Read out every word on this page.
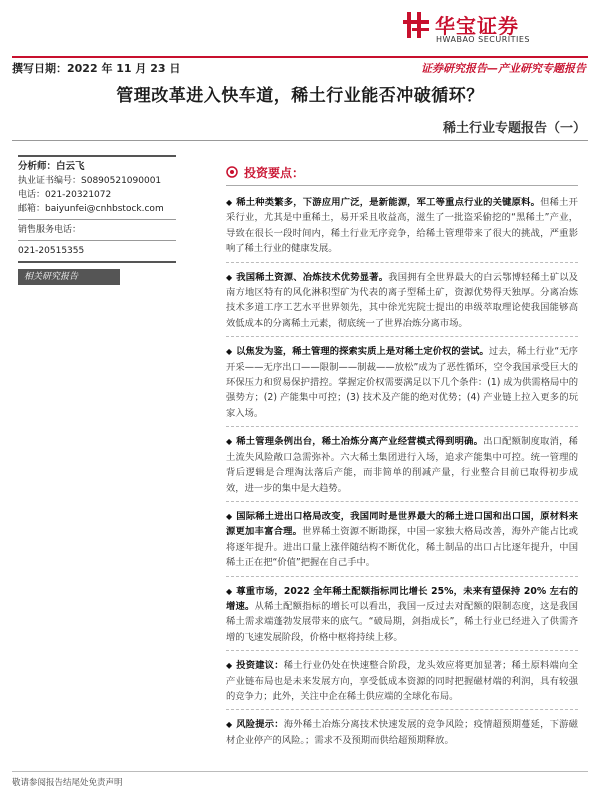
华宝证券
HWABAO SECURITIES
撰写日期：2022 年 11 月 23 日	证券研究报告—产业研究专题报告
管理改革进入快车道，稀土行业能否冲破循环？
稀土行业专题报告（一）
分析师：白云飞
执业证书编号：S0890521090001
电话：021-20321072
邮箱：baiyunfei@cnhbstock.com
销售服务电话：
021-20515355
相关研究报告
投资要点：

◆ 稀土种类繁多，下游应用广泛，是新能源，军工等重点行业的关键原料。但稀土开采行业，尤其是中重稀土，易开采且收益高，滋生了一批盗采偷挖的“黑稀土”产业，导致在很长一段时间内，稀土行业无序竞争，给稀土管理带来了很大的挑战，严重影响了稀土行业的健康发展。

◆ 我国稀土资源、冶炼技术优势显著。我国拥有全世界最大的白云鄂博轻稀土矿以及南方地区特有的风化淋积型矿为代表的离子型稀土矿，资源优势得天独厚。分离冶炼技术多道工序工艺水平世界领先，其中徐光宪院士提出的串级萃取理论使我国能够高效低成本的分离稀土元素，彻底统一了世界冶炼分离市场。

◆ 以焦发为鉴，稀土管理的探索实质上是对稀土定价权的尝试。过去，稀土行业“无序开采——无序出口——限制——制裁——放松”成为了恶性循环，空令我国承受巨大的环保压力和贸易保护措控。掌握定价权需要满足以下几个条件：(1) 成为供需格局中的强势方；(2) 产能集中可控；(3) 技术及产能的绝对优势；(4) 产业链上拉入更多的玩家入场。

◆ 稀土管理条例出台，稀土冶炼分离产业经营模式得到明确。出口配额制度取消，稀土流失风险敞口急需弥补。六大稀土集团进行入场，追求产能集中可控。统一管理的背后逻辑是合理淘汰落后产能，而非简单的削减产量，行业整合目前已取得初步成效，进一步的集中是大趋势。

◆ 国际稀土进出口格局改变，我国同时是世界最大的稀土进口国和出口国，原材料来源更加丰富合理。世界稀土资源不断勘探，中国一家独大格局改善，海外产能占比或将逐年提升。进出口量上涨伴随结构不断优化，稀土制品的出口占比逐年提升，中国稀土正在把“价值”把握在自己手中。

◆ 尊重市场，2022 全年稀土配额指标同比增长 25%，未来有望保持 20% 左右的增速。从稀土配额指标的增长可以看出，我国一反过去对配额的限制态度，这是我国稀土需求端蓬勃发展带来的底气。“破局期，剑指成长”，稀土行业已经进入了供需齐增的飞速发展阶段，价格中枢将持续上移。

◆ 投资建议：稀土行业仍处在快速整合阶段，龙头效应将更加显著；稀土原料端向全产业链布局也是未来发展方向，享受低成本资源的同时把握磁材端的利润，具有较强的竞争力；此外，关注中企在稀土供应端的全球化布局。

◆ 风险提示：海外稀土冶炼分离技术快速发展的竞争风险；疫情超预期蔓延，下游磁材企业停产的风险。；需求不及预期而供给超预期释放。

敬请参阅报告结尾处免责声明
